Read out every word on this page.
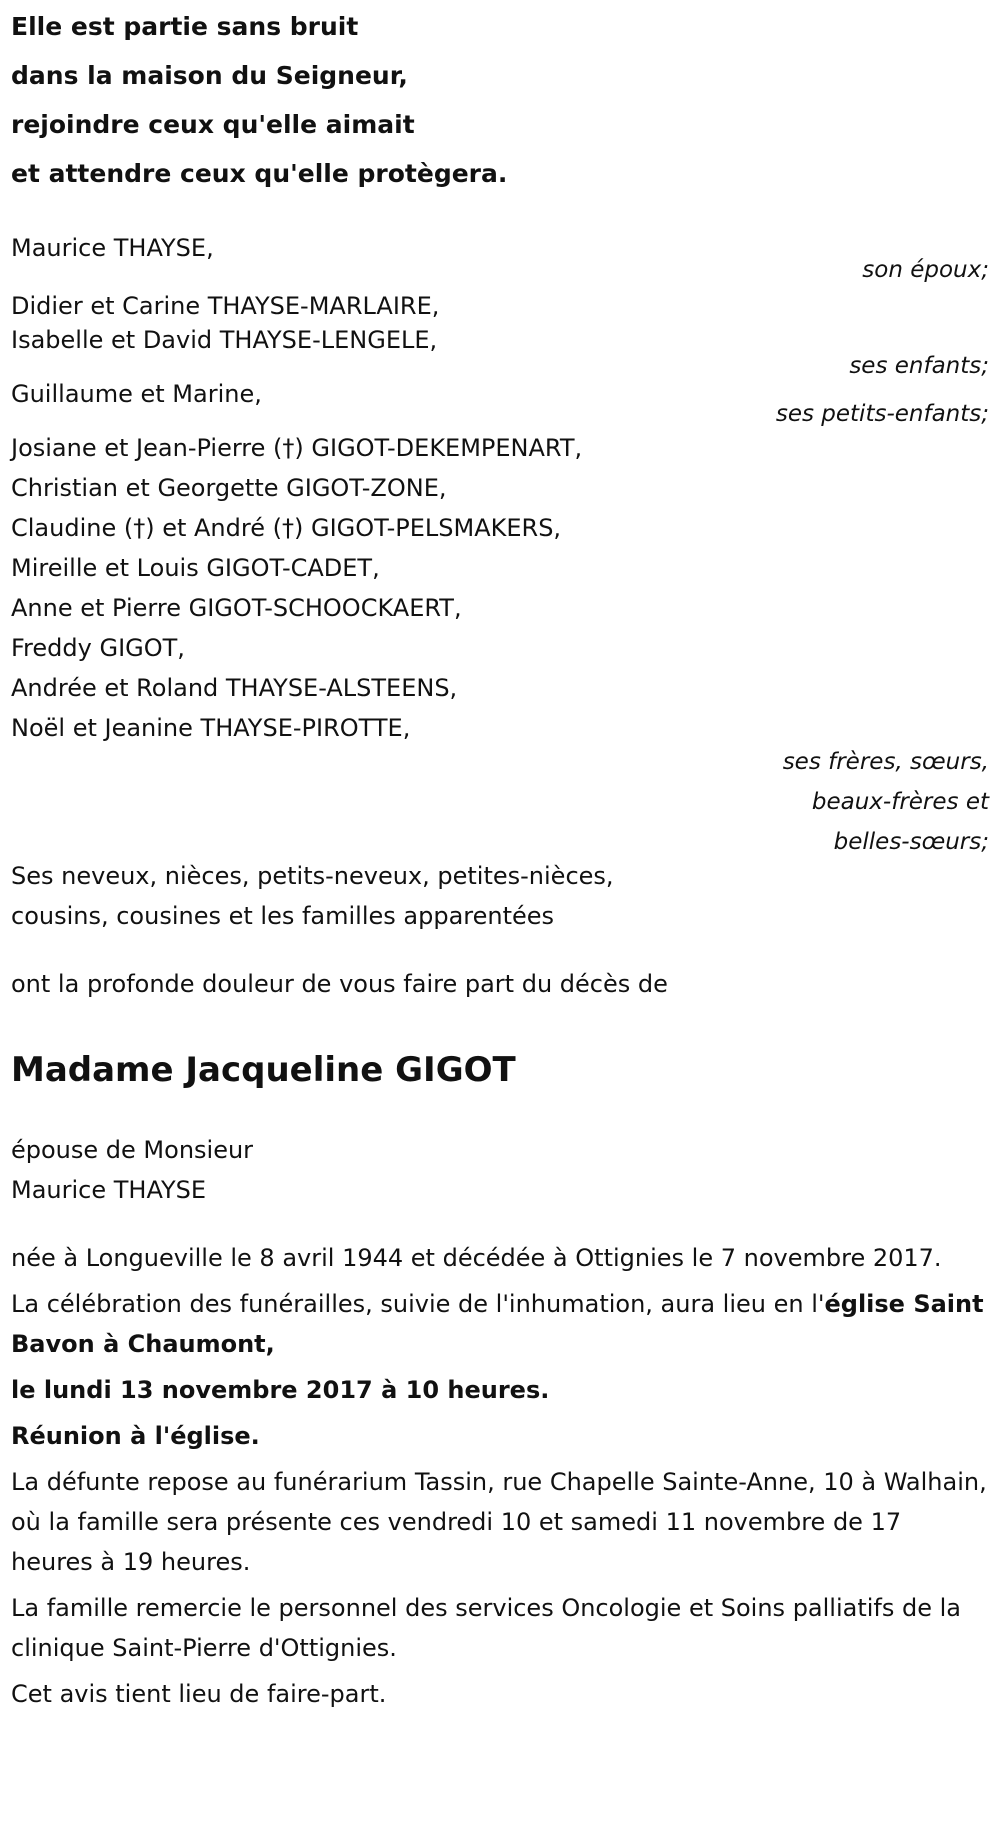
Elle est partie sans bruit

dans la maison du Seigneur,

rejoindre ceux qu'elle aimait

et attendre ceux qu'elle protègera.

Maurice THAYSE,
son époux;
Didier et Carine THAYSE-MARLAIRE,
Isabelle et David THAYSE-LENGELE,
ses enfants;
Guillaume et Marine,
ses petits-enfants;
Josiane et Jean-Pierre (†) GIGOT-DEKEMPENART,
Christian et Georgette GIGOT-ZONE,
Claudine (†) et André (†) GIGOT-PELSMAKERS,
Mireille et Louis GIGOT-CADET,
Anne et Pierre GIGOT-SCHOOCKAERT,
Freddy GIGOT,
Andrée et Roland THAYSE-ALSTEENS,
Noël et Jeanine THAYSE-PIROTTE,
ses frères, sœurs,
beaux-frères et
belles-sœurs;
Ses neveux, nièces, petits-neveux, petites-nièces,
cousins, cousines et les familles apparentées

ont la profonde douleur de vous faire part du décès de

Madame Jacqueline GIGOT

épouse de Monsieur

Maurice THAYSE

née à Longueville le 8 avril 1944 et décédée à Ottignies le 7 novembre 2017.

La célébration des funérailles, suivie de l'inhumation, aura lieu en l'église Saint Bavon à Chaumont,

le lundi 13 novembre 2017 à 10 heures.

Réunion à l'église.

La défunte repose au funérarium Tassin, rue Chapelle Sainte-Anne, 10 à Walhain, où la famille sera présente ces vendredi 10 et samedi 11 novembre de 17 heures à 19 heures.

La famille remercie le personnel des services Oncologie et Soins palliatifs de la clinique Saint-Pierre d'Ottignies.

Cet avis tient lieu de faire-part.
